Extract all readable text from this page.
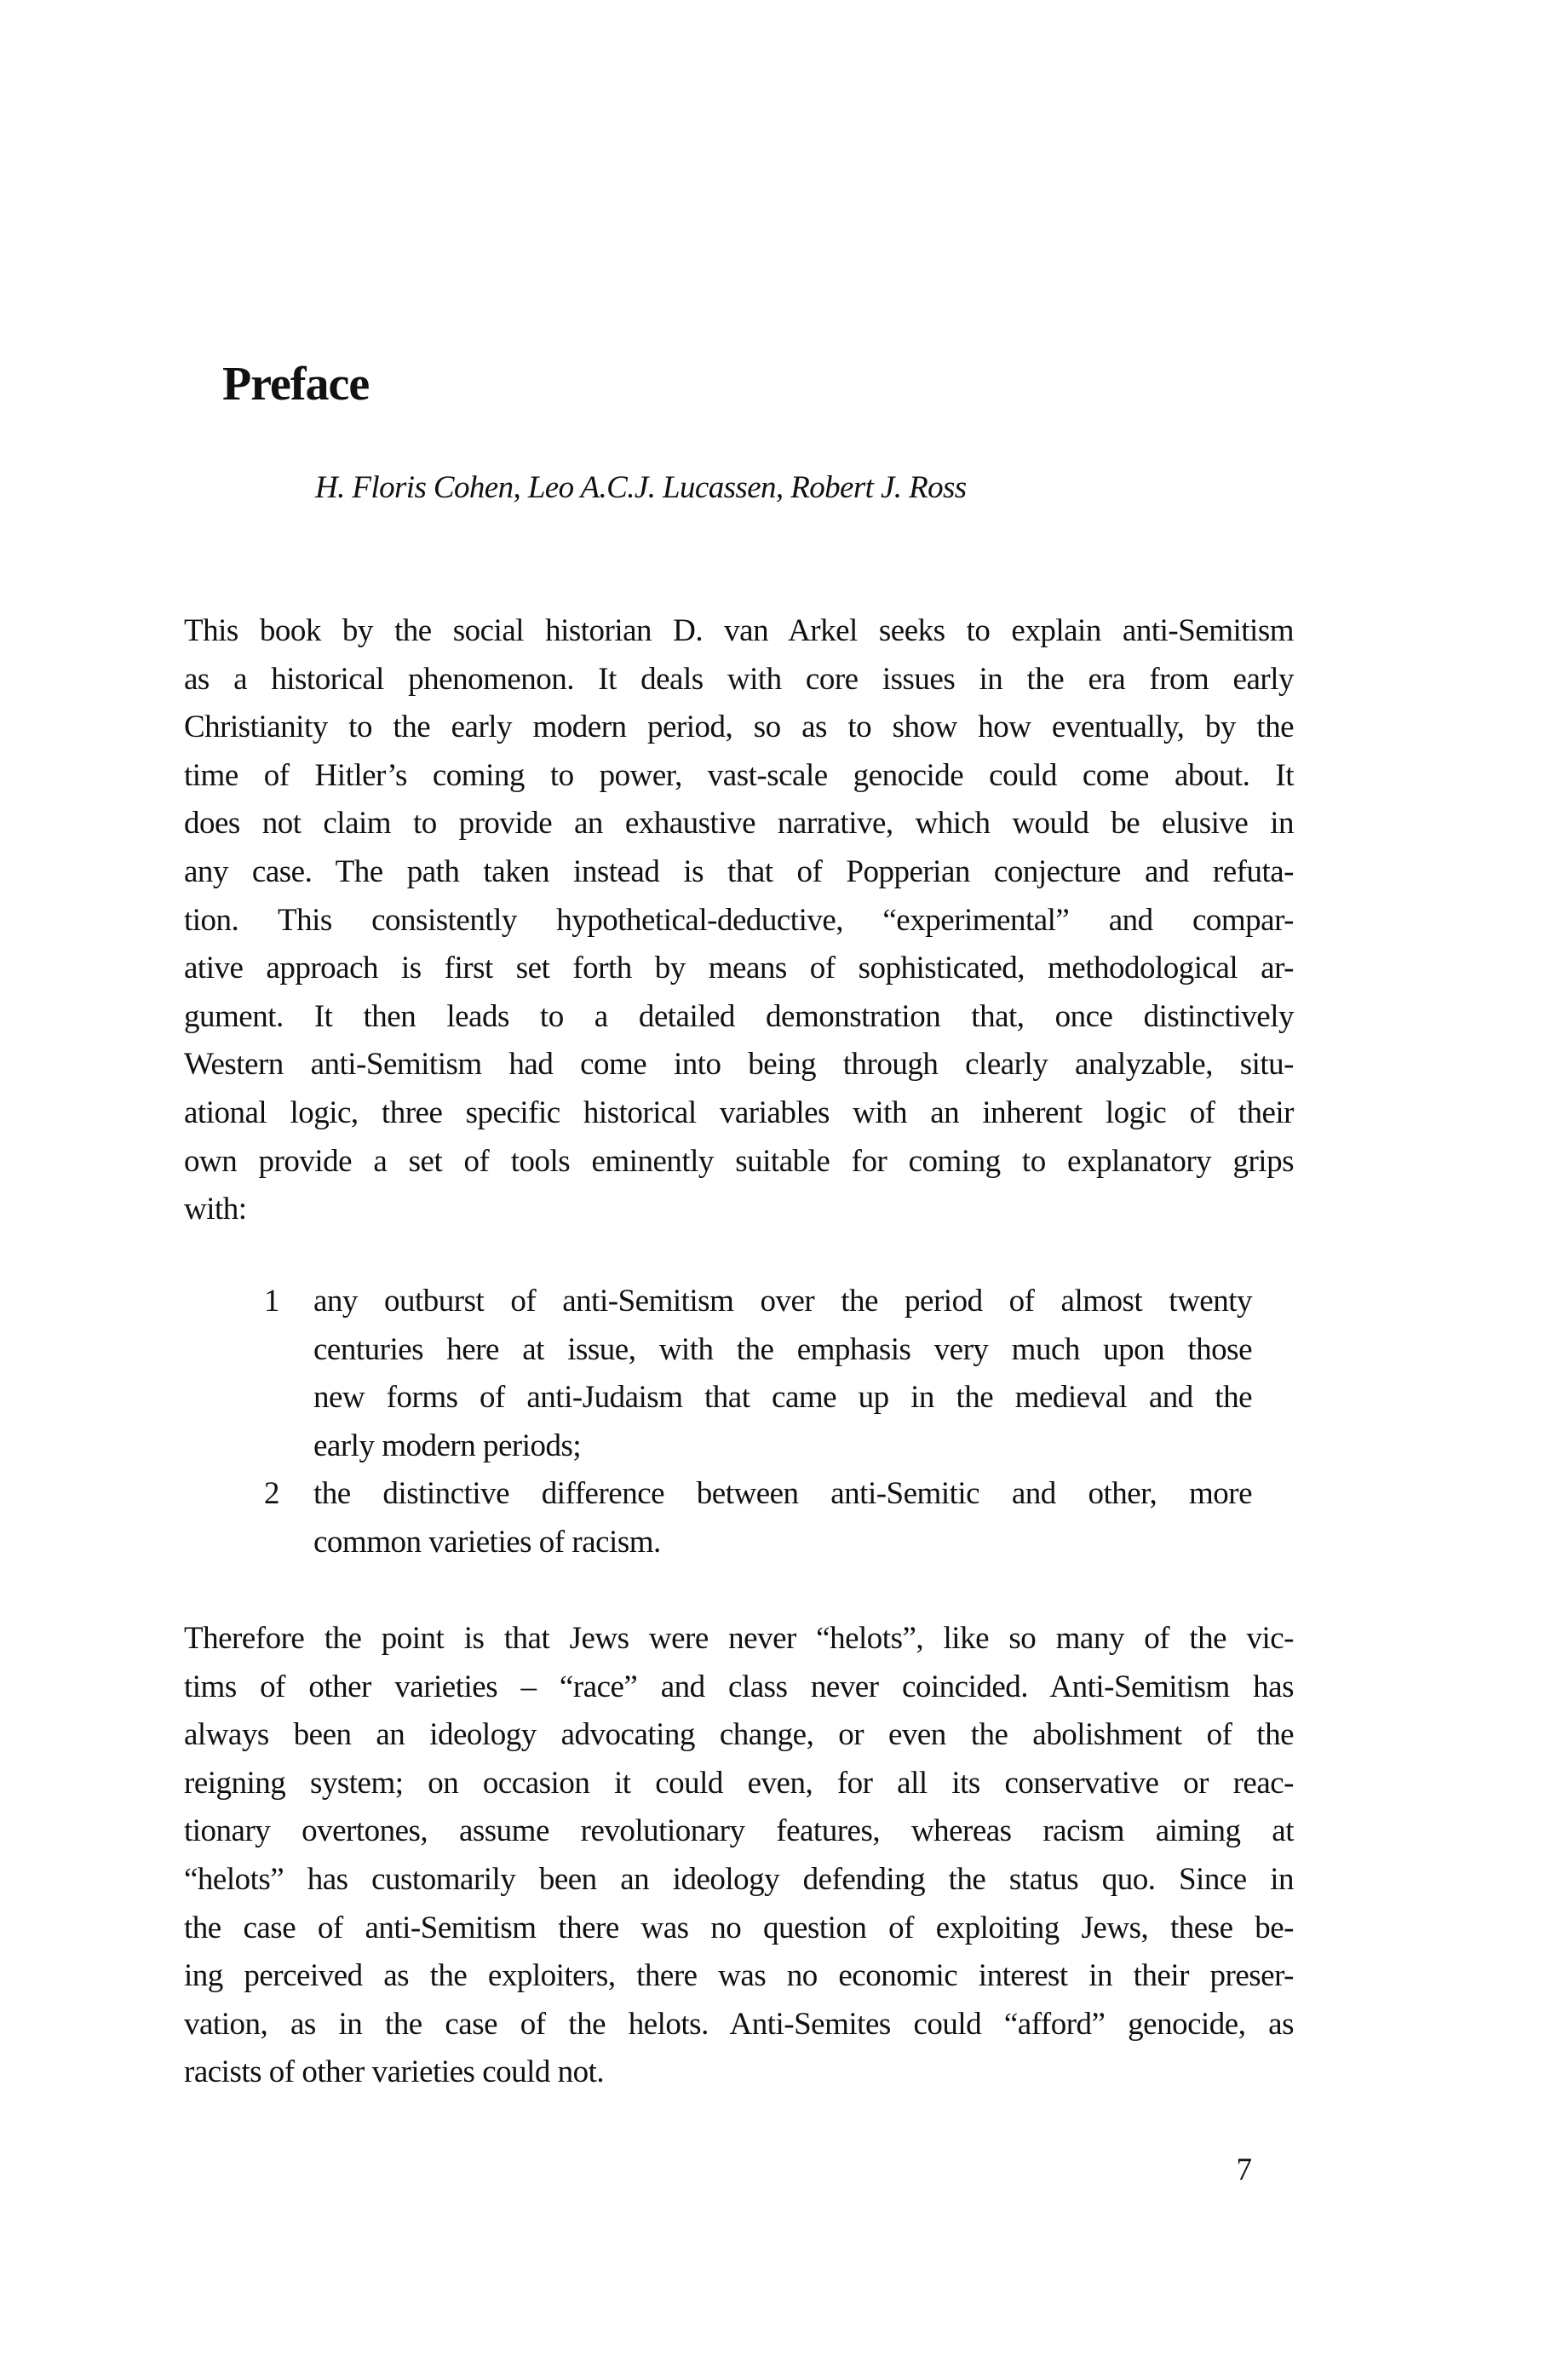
Preface
H. Floris Cohen, Leo A.C.J. Lucassen, Robert J. Ross
This book by the social historian D. van Arkel seeks to explain anti-Semitism
as a historical phenomenon. It deals with core issues in the era from early
Christianity to the early modern period, so as to show how eventually, by the
time of Hitler’s coming to power, vast-scale genocide could come about. It
does not claim to provide an exhaustive narrative, which would be elusive in
any case. The path taken instead is that of Popperian conjecture and refuta-
tion. This consistently hypothetical-deductive, “experimental” and compar-
ative approach is first set forth by means of sophisticated, methodological ar-
gument. It then leads to a detailed demonstration that, once distinctively
Western anti-Semitism had come into being through clearly analyzable, situ-
ational logic, three specific historical variables with an inherent logic of their
own provide a set of tools eminently suitable for coming to explanatory grips
with:
1	any outburst of anti-Semitism over the period of almost twenty
centuries here at issue, with the emphasis very much upon those
new forms of anti-Judaism that came up in the medieval and the
early modern periods;
2	the distinctive difference between anti-Semitic and other, more
common varieties of racism.
Therefore the point is that Jews were never “helots”, like so many of the vic-
tims of other varieties – “race” and class never coincided. Anti-Semitism has
always been an ideology advocating change, or even the abolishment of the
reigning system; on occasion it could even, for all its conservative or reac-
tionary overtones, assume revolutionary features, whereas racism aiming at
“helots” has customarily been an ideology defending the status quo. Since in
the case of anti-Semitism there was no question of exploiting Jews, these be-
ing perceived as the exploiters, there was no economic interest in their preser-
vation, as in the case of the helots. Anti-Semites could “afford” genocide, as
racists of other varieties could not.
7
